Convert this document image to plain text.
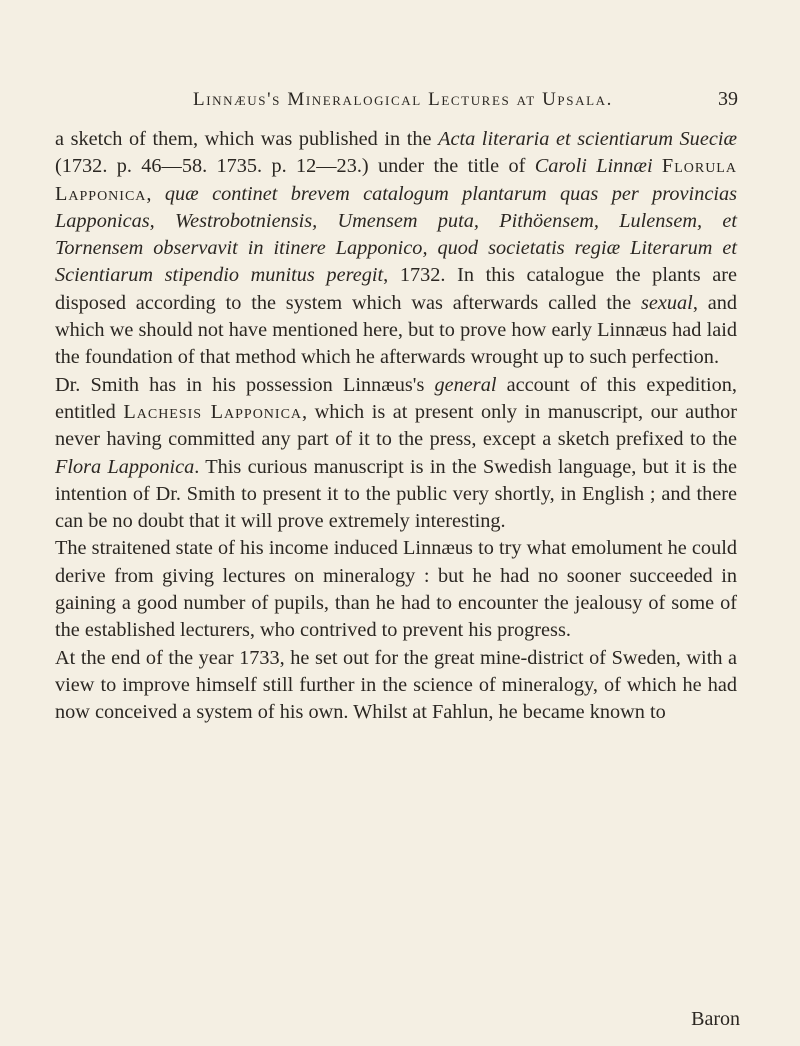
Linnæus's Mineralogical Lectures at Upsala.	39

a sketch of them, which was published in the Acta literaria et scientiarum Sueciæ (1732. p. 46—58. 1735. p. 12—23.) under the title of Caroli Linnæi Florula Lapponica, quæ continet brevem catalogum plantarum quas per provincias Lapponicas, Westrobotniensis, Umensem puta, Pithöensem, Lulensem, et Tornensem observavit in itinere Lapponico, quod societatis regiæ Literarum et Scientiarum stipendio munitus peregit, 1732. In this catalogue the plants are disposed according to the system which was afterwards called the sexual, and which we should not have mentioned here, but to prove how early Linnæus had laid the foundation of that method which he afterwards wrought up to such perfection.

Dr. Smith has in his possession Linnæus's general account of this expedition, entitled Lachesis Lapponica, which is at present only in manuscript, our author never having committed any part of it to the press, except a sketch prefixed to the Flora Lapponica. This curious manuscript is in the Swedish language, but it is the intention of Dr. Smith to present it to the public very shortly, in English ; and there can be no doubt that it will prove extremely interesting.

The straitened state of his income induced Linnæus to try what emolument he could derive from giving lectures on mineralogy : but he had no sooner succeeded in gaining a good number of pupils, than he had to encounter the jealousy of some of the established lecturers, who contrived to prevent his progress.

At the end of the year 1733, he set out for the great mine-district of Sweden, with a view to improve himself still further in the science of mineralogy, of which he had now conceived a system of his own. Whilst at Fahlun, he became known to

Baron
